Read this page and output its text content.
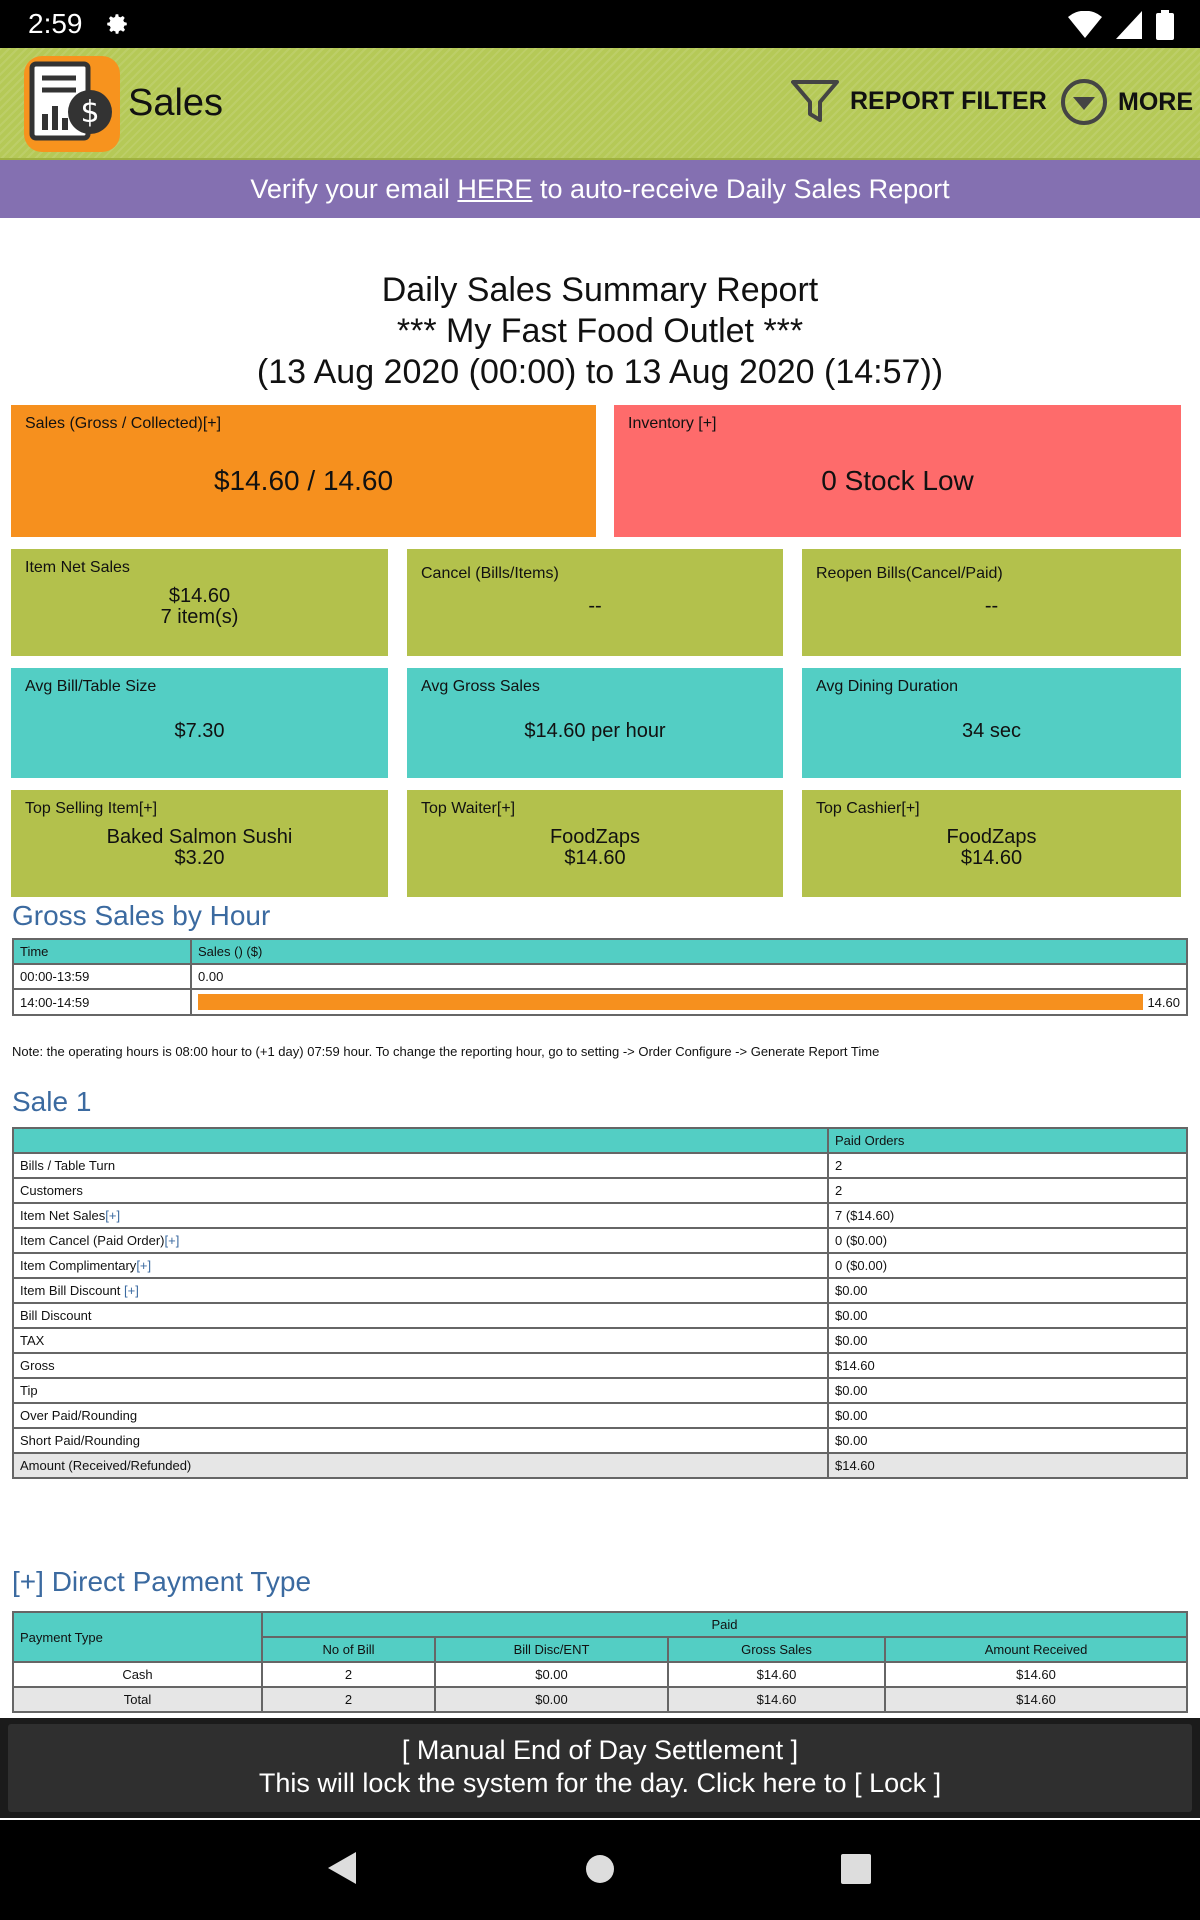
2:59
$ Sales	REPORT FILTER	MORE
Verify your email HERE to auto-receive Daily Sales Report
Daily Sales Summary Report
*** My Fast Food Outlet ***
(13 Aug 2020 (00:00) to 13 Aug 2020 (14:57))
Sales (Gross / Collected)[+]
$14.60 / 14.60
Inventory [+]
0 Stock Low
Item Net Sales
$14.60
7 item(s)
Cancel (Bills/Items)
--
Reopen Bills(Cancel/Paid)
--
Avg Bill/Table Size
$7.30
Avg Gross Sales
$14.60 per hour
Avg Dining Duration
34 sec
Top Selling Item[+]
Baked Salmon Sushi
$3.20
Top Waiter[+]
FoodZaps
$14.60
Top Cashier[+]
FoodZaps
$14.60
Gross Sales by Hour
Time	Sales () ($)
00:00-13:59	0.00
14:00-14:59	14.60
Note: the operating hours is 08:00 hour to (+1 day) 07:59 hour. To change the reporting hour, go to setting -> Order Configure -> Generate Report Time
Sale 1
	Paid Orders
Bills / Table Turn	2
Customers	2
Item Net Sales[+]	7 ($14.60)
Item Cancel (Paid Order)[+]	0 ($0.00)
Item Complimentary[+]	0 ($0.00)
Item Bill Discount [+]	$0.00
Bill Discount	$0.00
TAX	$0.00
Gross	$14.60
Tip	$0.00
Over Paid/Rounding	$0.00
Short Paid/Rounding	$0.00
Amount (Received/Refunded)	$14.60
[+] Direct Payment Type
Payment Type	Paid			
	No of Bill	Bill Disc/ENT	Gross Sales	Amount Received
Cash	2	$0.00	$14.60	$14.60
Total	2	$0.00	$14.60	$14.60
[ Manual End of Day Settlement ]
This will lock the system for the day. Click here to [ Lock ]
